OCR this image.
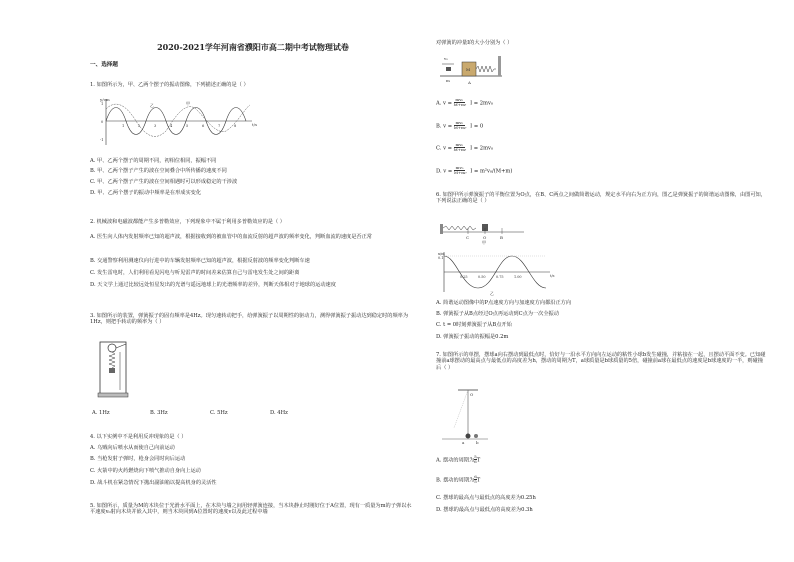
2020-2021学年河南省濮阳市高二期中考试物理试卷
一、选择题
1. 如图所示为，甲、乙两个摆子的振动图像，下列描述正确的是（ ）
y/cm
t/s
甲
乙
1	2	3	4	5	6	7	8
1
0
-1
A. 甲、乙两个摆子的周期不同，初相位相同，振幅不同
B. 甲、乙两个摆子产生的波在空间叠合中所传播的速度不同
C. 甲、乙两个摆子产生的波在空间相遇时可以形成稳定的干涉波
D. 甲、乙两个摆子的振动中频率是在形成实变化
2. 机械波和电磁波都能产生多普勒效应，下列现象中不属于利用多普勒效应的是（ ）
A. 医生向人体内发射频率已知的超声波，根据接收到的被血管中的血流反射的超声波的频率变化，判断血流的速度是否正常
B. 交通警察利用测速仪向行进中的车辆发射频率已知的超声波，根据反射波的频率变化判断车速
C. 发生雷电时，人们利用看见闪电与听见雷声的时间差来估算自己与雷电发生处之间的距离
D. 天文学上通过比较远处恒星发出的光谱与遥远地球上的光谱频率的差异，判断天体相对于地球的运动速度
3. 如图所示的装置，弹簧振子的固有频率是4Hz。现匀速转动把手，给弹簧振子以周期性的驱动力，测得弹簧振子振动达到稳定时的频率为1Hz，则把手转动的频率为（ ）
A. 1Hz	B. 3Hz	C. 5Hz	D. 4Hz
4. 以下实例中不是利用反冲现象的是（ ）
A. 乌贼向后喷水从而使自己向前运动
B. 当枪发射子弹时，枪身会同时向后运动
C. 火箭中的火药燃烧向下喷气推动自身向上运动
D. 战斗机在紧急情况下抛出副油箱以提高机身的灵活性
5. 如图所示，质量为M的木块位于光滑水平面上，在木块与墙之间用轻弹簧连接，当木块静止时刚好位于A位置，现有一质量为m的子弹以水平速度v₀射向木块并嵌入其中，则当木块回到A位置时的速度v以及此过程中墙
对弹簧的冲量I的大小分别为（ ）
v₀
m
M
A
A. $v = \frac{\text{mv₀}}{M+m}$ ，I = 2mv₀
B. $v = \frac{\text{mv₀}}{M+m}$ ，I = 0
C. $v = \frac{\text{mv₀}}{M+m}$ ，I = 2mv₀
D. $v = \frac{\text{mv₀}}{M+m}$ ，I = m²v₀/(M+m)
6. 如图甲所示弹簧振子的平衡位置为O点，在B、C两点之间做简谐运动，规定水平向右为正方向，图乙是弹簧振子的简谐运动图像，由图可知，下列说法正确的是（ ）
C	O	B
甲
x/m
0.1
t/s
0.25	0.50	0.75	1.00
乙
A. 简谐运动图像中的P点速度方向与加速度方向都沿正方向
B. 弹簧振子从B点经过O点再运动到C点为一次全振动
C. t = 0时刻弹簧振子从B点开始
D. 弹簧振子振动的振幅是0.2m
7. 如图所示的单摆，摆球a向右摆动到最低点时，恰好与一沿水平方向向左运动的粘性小球b发生碰撞，并粘接在一起，且摆动平面不变。已知碰撞前a球摆动的最高点与最低点的高度差为h，摆动的周期为T，a球质量是b球质量的5倍，碰撞前a球在最低点的速度是b球速度的一半，则碰撞后（ ）
O
a	b
A. 摆动的周期为 $\frac{5}{6}$ T
B. 摆动的周期为 $\frac{6}{5}$ T
C. 摆球的最高点与最低点的高度差为0.25h
D. 摆球的最高点与最低点的高度差为0.3h
